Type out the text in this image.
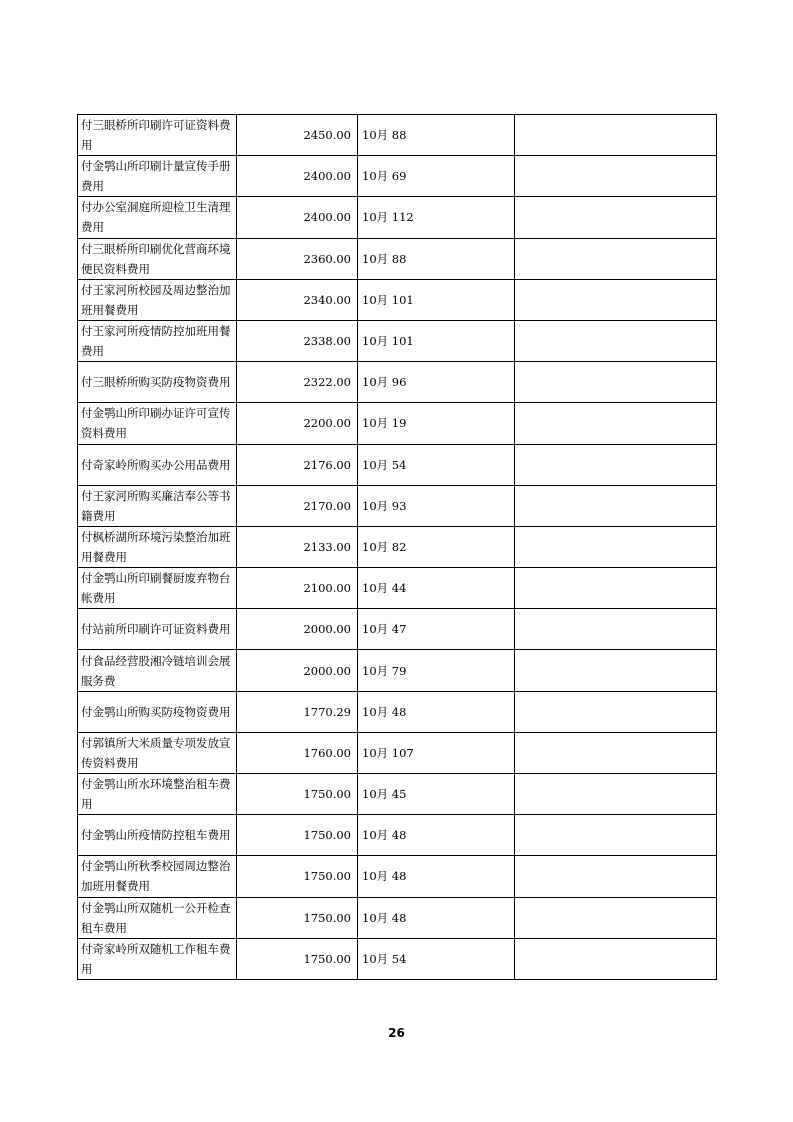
付三眼桥所印刷许可证资料费用	2450.00	10月 88	
付金鹗山所印刷计量宣传手册费用	2400.00	10月 69	
付办公室洞庭所迎检卫生清理费用	2400.00	10月 112	
付三眼桥所印刷优化营商环境便民资料费用	2360.00	10月 88	
付王家河所校园及周边整治加班用餐费用	2340.00	10月 101	
付王家河所疫情防控加班用餐费用	2338.00	10月 101	
付三眼桥所购买防疫物资费用	2322.00	10月 96	
付金鹗山所印刷办证许可宣传资料费用	2200.00	10月 19	
付奇家岭所购买办公用品费用	2176.00	10月 54	
付王家河所购买廉洁奉公等书籍费用	2170.00	10月 93	
付枫桥湖所环境污染整治加班用餐费用	2133.00	10月 82	
付金鹗山所印刷餐厨废弃物台帐费用	2100.00	10月 44	
付站前所印刷许可证资料费用	2000.00	10月 47	
付食品经营股湘冷链培训会展服务费	2000.00	10月 79	
付金鹗山所购买防疫物资费用	1770.29	10月 48	
付郭镇所大米质量专项发放宣传资料费用	1760.00	10月 107	
付金鹗山所水环境整治租车费用	1750.00	10月 45	
付金鹗山所疫情防控租车费用	1750.00	10月 48	
付金鹗山所秋季校园周边整治加班用餐费用	1750.00	10月 48	
付金鹗山所双随机一公开检查租车费用	1750.00	10月 48	
付奇家岭所双随机工作租车费用	1750.00	10月 54	
26
